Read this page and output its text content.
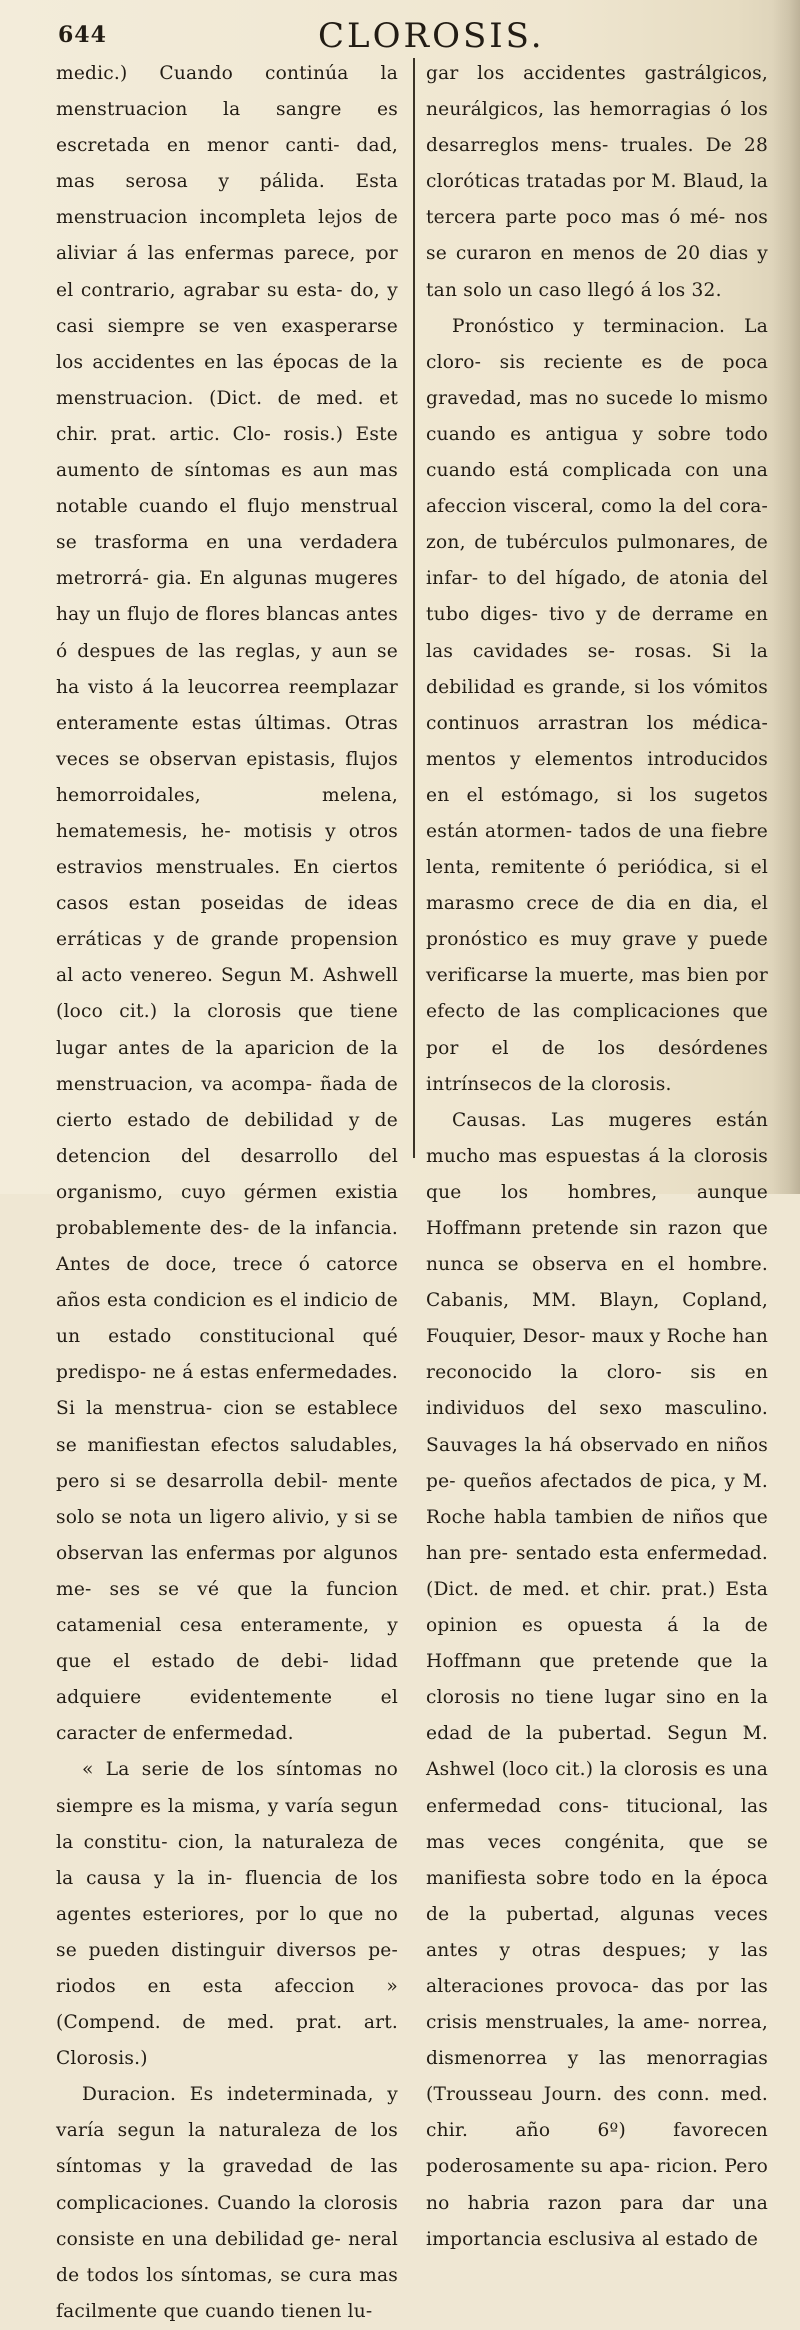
644	CLOROSIS.

medic.) Cuando continúa la menstruacion la sangre es escretada en menor canti- dad, mas serosa y pálida. Esta menstruacion incompleta lejos de aliviar á las enfermas parece, por el contrario, agrabar su esta- do, y casi siempre se ven exasperarse los accidentes en las épocas de la menstruacion. (Dict. de med. et chir. prat. artic. Clo- rosis.) Este aumento de síntomas es aun mas notable cuando el flujo menstrual se trasforma en una verdadera metrorrá- gia. En algunas mugeres hay un flujo de flores blancas antes ó despues de las reglas, y aun se ha visto á la leucorrea reemplazar enteramente estas últimas. Otras veces se observan epistasis, flujos hemorroidales, melena, hematemesis, he- motisis y otros estravios menstruales. En ciertos casos estan poseidas de ideas erráticas y de grande propension al acto venereo. Segun M. Ashwell (loco cit.) la clorosis que tiene lugar antes de la aparicion de la menstruacion, va acompa- ñada de cierto estado de debilidad y de detencion del desarrollo del organismo, cuyo gérmen existia probablemente des- de la infancia. Antes de doce, trece ó catorce años esta condicion es el indicio de un estado constitucional qué predispo- ne á estas enfermedades. Si la menstrua- cion se establece se manifiestan efectos saludables, pero si se desarrolla debil- mente solo se nota un ligero alivio, y si se observan las enfermas por algunos me- ses se vé que la funcion catamenial cesa enteramente, y que el estado de debi- lidad adquiere evidentemente el caracter de enfermedad.

« La serie de los síntomas no siempre es la misma, y varía segun la constitu- cion, la naturaleza de la causa y la in- fluencia de los agentes esteriores, por lo que no se pueden distinguir diversos pe- riodos en esta afeccion » (Compend. de med. prat. art. Clorosis.)

Duracion. Es indeterminada, y varía segun la naturaleza de los síntomas y la gravedad de las complicaciones. Cuando la clorosis consiste en una debilidad ge- neral de todos los síntomas, se cura mas facilmente que cuando tienen lu-

gar los accidentes gastrálgicos, neurálgicos, las hemorragias ó los desarreglos mens- truales. De 28 cloróticas tratadas por M. Blaud, la tercera parte poco mas ó mé- nos se curaron en menos de 20 dias y tan solo un caso llegó á los 32.

Pronóstico y terminacion. La cloro- sis reciente es de poca gravedad, mas no sucede lo mismo cuando es antigua y sobre todo cuando está complicada con una afeccion visceral, como la del cora- zon, de tubérculos pulmonares, de infar- to del hígado, de atonia del tubo diges- tivo y de derrame en las cavidades se- rosas. Si la debilidad es grande, si los vómitos continuos arrastran los médica- mentos y elementos introducidos en el estómago, si los sugetos están atormen- tados de una fiebre lenta, remitente ó periódica, si el marasmo crece de dia en dia, el pronóstico es muy grave y puede verificarse la muerte, mas bien por efecto de las complicaciones que por el de los desórdenes intrínsecos de la clorosis.

Causas. Las mugeres están mucho mas espuestas á la clorosis que los hombres, aunque Hoffmann pretende sin razon que nunca se observa en el hombre. Cabanis, MM. Blayn, Copland, Fouquier, Desor- maux y Roche han reconocido la cloro- sis en individuos del sexo masculino. Sauvages la há observado en niños pe- queños afectados de pica, y M. Roche habla tambien de niños que han pre- sentado esta enfermedad. (Dict. de med. et chir. prat.) Esta opinion es opuesta á la de Hoffmann que pretende que la clorosis no tiene lugar sino en la edad de la pubertad. Segun M. Ashwel (loco cit.) la clorosis es una enfermedad cons- titucional, las mas veces congénita, que se manifiesta sobre todo en la época de la pubertad, algunas veces antes y otras despues; y las alteraciones provoca- das por las crisis menstruales, la ame- norrea, dismenorrea y las menorragias (Trousseau Journ. des conn. med. chir. año 6º) favorecen poderosamente su apa- ricion. Pero no habria razon para dar una importancia esclusiva al estado de
